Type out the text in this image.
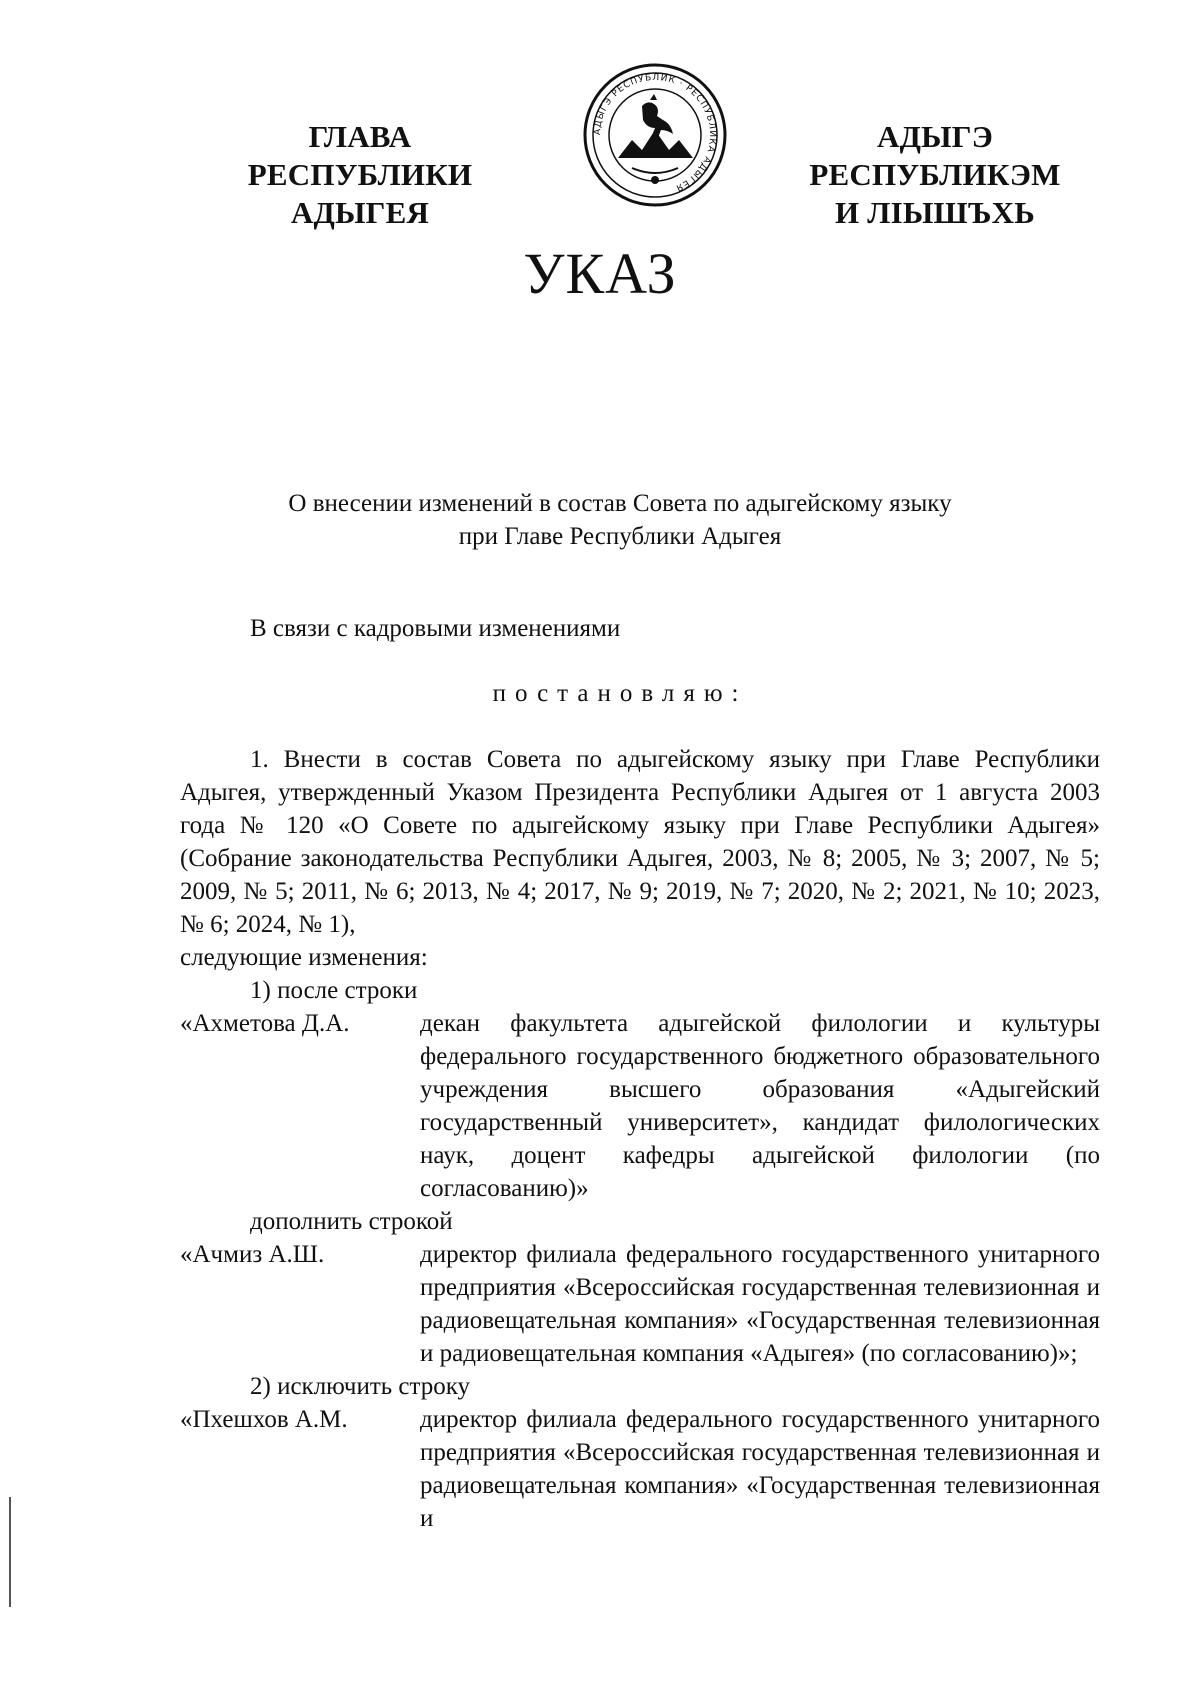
ГЛАВА
РЕСПУБЛИКИ АДЫГЕЯ
АДЫГЭ РЕСПУБЛИК · РЕСПУБЛИКА АДЫГЕЯ
АДЫГЭ РЕСПУБЛИКЭМ
И ЛІЫШЪХЬ
УКАЗ
О внесении изменений в состав Совета по адыгейскому языку
при Главе Республики Адыгея
В связи с кадровыми изменениями
постановляю:

1. Внести в состав Совета по адыгейскому языку при Главе Республики Адыгея, утвержденный Указом Президента Республики Адыгея от 1 августа 2003 года № 120 «О Совете по адыгейскому языку при Главе Республики Адыгея» (Собрание законодательства Республики Адыгея, 2003, № 8; 2005, № 3; 2007, № 5; 2009, № 5; 2011, № 6; 2013, № 4; 2017, № 9; 2019, № 7; 2020, № 2; 2021, № 10; 2023, № 6; 2024, № 1),

следующие изменения:

1) после строки

«Ахметова Д.А.	декан факультета адыгейской филологии и культуры федерального государственного бюджетного образовательного учреждения высшего образования «Адыгейский государственный университет», кандидат филологических наук, доцент кафедры адыгейской филологии (по согласованию)»

дополнить строкой

«Ачмиз А.Ш.	директор филиала федерального государственного унитарного предприятия «Всероссийская государственная телевизионная и радиовещательная компания» «Государственная телевизионная и радиовещательная компания «Адыгея» (по согласованию)»;

2) исключить строку

«Пхешхов А.М.	директор филиала федерального государственного унитарного предприятия «Всероссийская государственная телевизионная и радиовещательная компания» «Государственная телевизионная и
